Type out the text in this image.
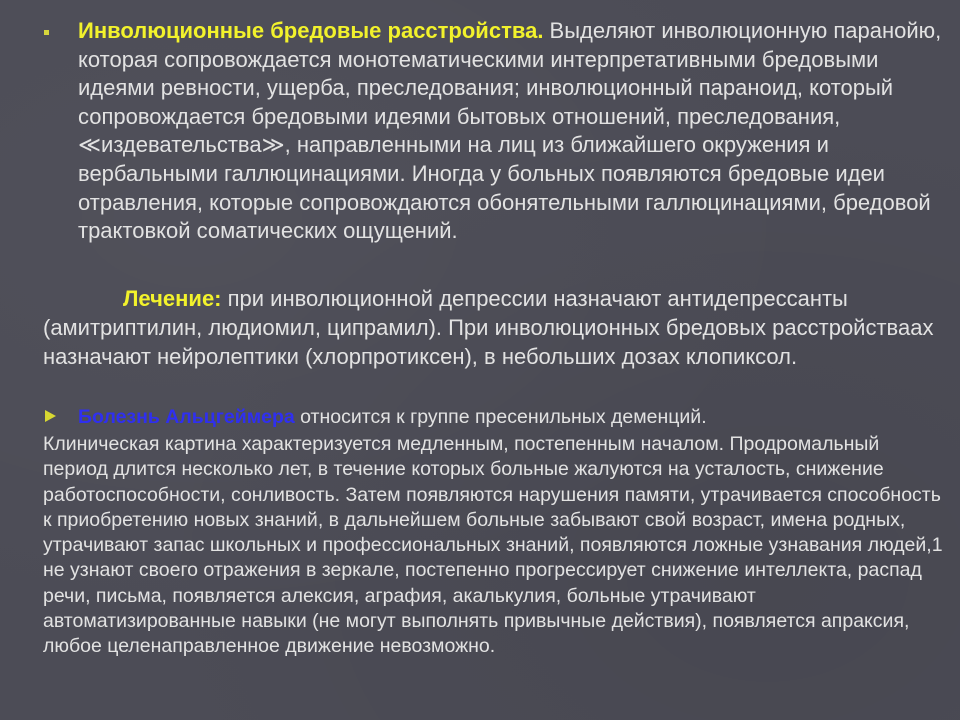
Инволюционные бредовые расстройства. Выделяют инволюционную паранойю, которая сопровождается монотематическими интерпретативными бредовыми идеями ревности, ущерба, преследования; инволюционный параноид, который сопровождается бредовыми идеями бытовых отношений, преследования, ≪издевательства≫, направленными на лиц из ближайшего окружения и вербальными галлюцинациями. Иногда у больных появляются бредовые идеи отравления, которые сопровождаются обонятельными галлюцинациями, бредовой трактовкой соматических ощущений.

Лечение: при инволюционной депрессии назначают антидепрессанты (амитриптилин, людиомил, ципрамил). При инволюционных бредовых расстройстваах назначают нейролептики (хлорпротиксен), в небольших дозах клопиксол.

Болезнь Альцгеймера относится к группе пресенильных деменций.

Клиническая картина характеризуется медленным, постепенным началом. Продромальный период длится несколько лет, в течение которых больные жалуются на усталость, снижение работоспособности, сонливость. Затем появляются нарушения памяти, утрачивается способность к приобретению новых знаний, в дальнейшем больные забывают свой возраст, имена родных, утрачивают запас школьных и профессиональных знаний, появляются ложные узнавания людей,1 не узнают своего отражения в зеркале, постепенно прогрессирует снижение интеллекта, распад речи, письма, появляется алексия, аграфия, акалькулия, больные утрачивают автоматизированные навыки (не могут выполнять привычные действия), появляется апраксия, любое целенаправленное движение невозможно.
